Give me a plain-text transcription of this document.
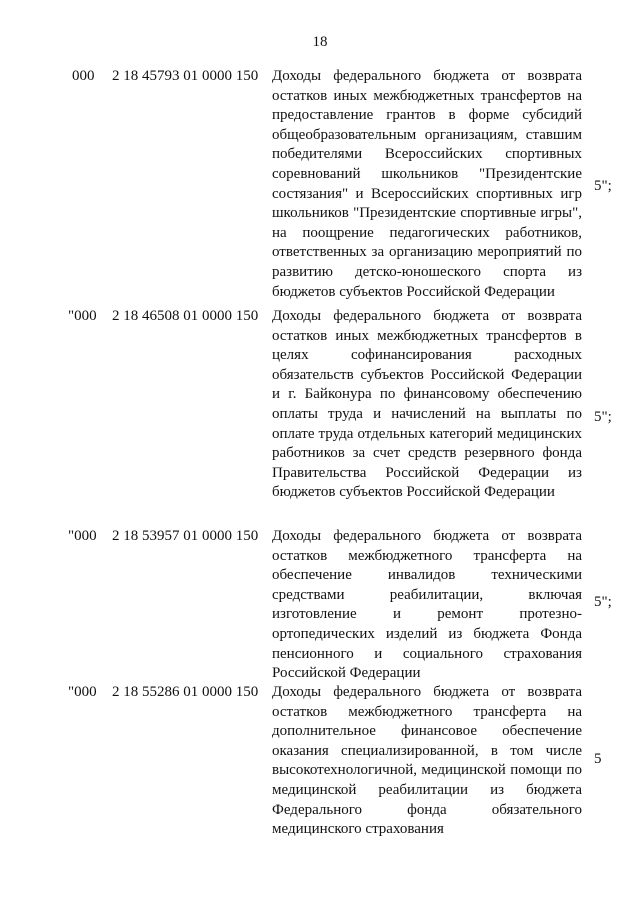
18
000 2 18 45793 01 0000 150 Доходы федерального бюджета от возврата остатков иных межбюджетных трансфертов на предоставление грантов в форме субсидий общеобразовательным организациям, ставшим победителями Всероссийских спортивных соревнований школьников "Президентские состязания" и Всероссийских спортивных игр школьников "Президентские спортивные игры", на поощрение педагогических работников, ответственных за организацию мероприятий по развитию детско-юношеского спорта из бюджетов субъектов Российской Федерации
5";
"000 2 18 46508 01 0000 150 Доходы федерального бюджета от возврата остатков иных межбюджетных трансфертов в целях софинансирования расходных обязательств субъектов Российской Федерации и г. Байконура по финансовому обеспечению оплаты труда и начислений на выплаты по оплате труда отдельных категорий медицинских работников за счет средств резервного фонда Правительства Российской Федерации из бюджетов субъектов Российской Федерации
5";
"000 2 18 53957 01 0000 150 Доходы федерального бюджета от возврата остатков межбюджетного трансферта на обеспечение инвалидов техническими средствами реабилитации, включая изготовление и ремонт протезно-ортопедических изделий из бюджета Фонда пенсионного и социального страхования Российской Федерации
5";
"000 2 18 55286 01 0000 150 Доходы федерального бюджета от возврата остатков межбюджетного трансферта на дополнительное финансовое обеспечение оказания специализированной, в том числе высокотехнологичной, медицинской помощи по медицинской реабилитации из бюджета Федерального фонда обязательного медицинского страхования
5
